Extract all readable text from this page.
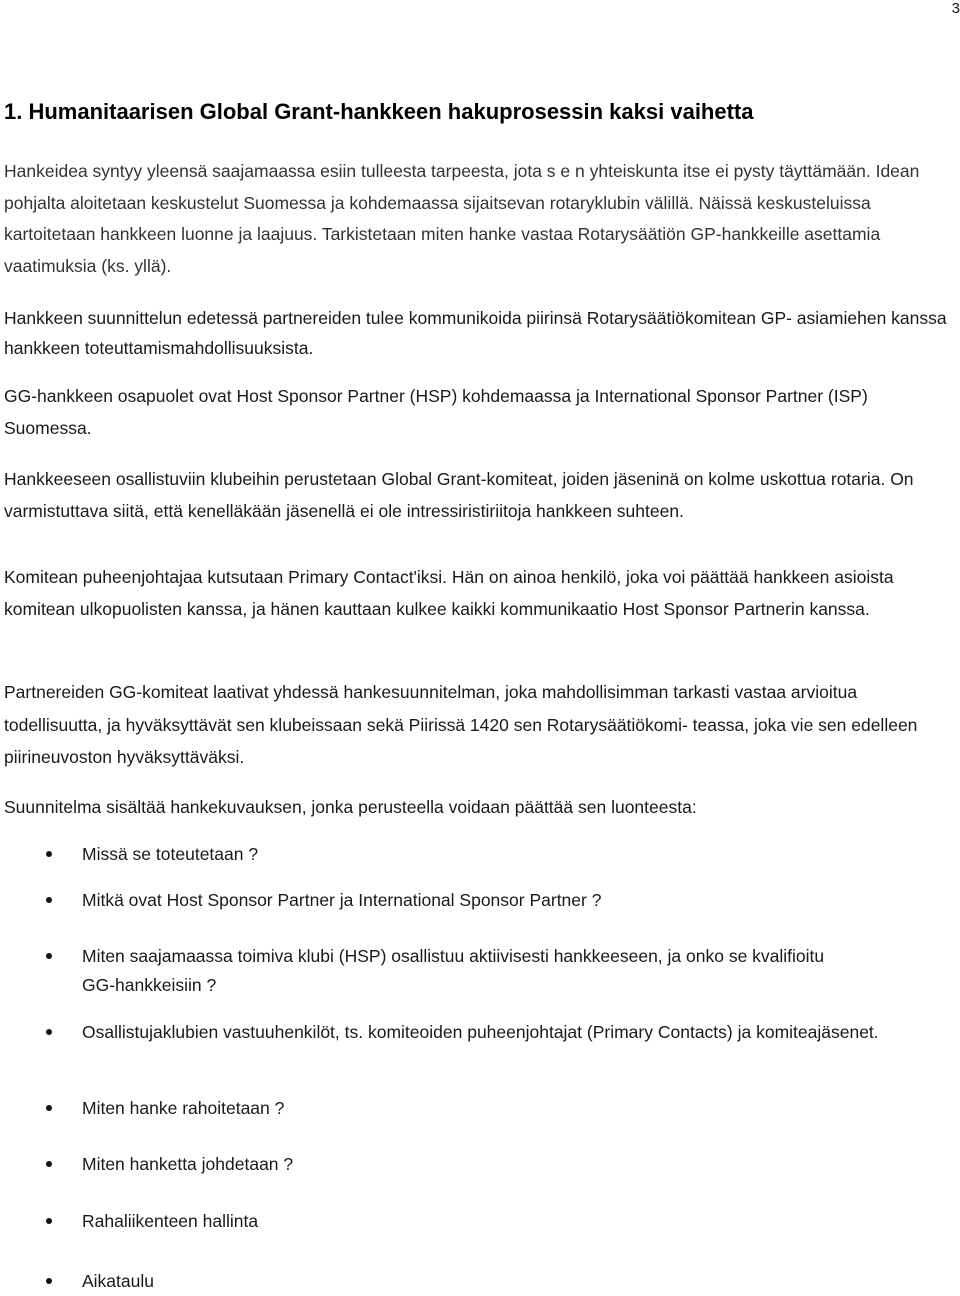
3
1. Humanitaarisen Global Grant-hankkeen hakuprosessin kaksi vaihetta

Hankeidea syntyy yleensä saajamaassa esiin tulleesta tarpeesta, jota s e n yhteiskunta itse ei pysty täyttämään. Idean pohjalta aloitetaan keskustelut Suomessa ja kohdemaassa sijaitsevan rotaryklubin välillä. Näissä keskusteluissa kartoitetaan hankkeen luonne ja laajuus. Tarkistetaan miten hanke vastaa Rotarysäätiön GP-hankkeille asettamia vaatimuksia (ks. yllä).

Hankkeen suunnittelun edetessä partnereiden tulee kommunikoida piirinsä Rotarysäätiökomitean GP- asiamiehen kanssa hankkeen toteuttamismahdollisuuksista.

GG-hankkeen osapuolet ovat Host Sponsor Partner (HSP) kohdemaassa ja International Sponsor Partner (ISP) Suomessa.

Hankkeeseen osallistuviin klubeihin perustetaan Global Grant-komiteat, joiden jäseninä on kolme uskottua rotaria. On varmistuttava siitä, että kenelläkään jäsenellä ei ole intressiristiriitoja hankkeen suhteen.

Komitean puheenjohtajaa kutsutaan Primary Contact'iksi. Hän on ainoa henkilö, joka voi päättää hankkeen asioista komitean ulkopuolisten kanssa, ja hänen kauttaan kulkee kaikki kommunikaatio Host Sponsor Partnerin kanssa.

Partnereiden GG-komiteat laativat yhdessä hankesuunnitelman, joka mahdollisimman tarkasti vastaa arvioitua todellisuutta, ja hyväksyttävät sen klubeissaan sekä Piirissä 1420 sen Rotarysäätiökomi- teassa, joka vie sen edelleen piirineuvoston hyväksyttäväksi.

Suunnitelma sisältää hankekuvauksen, jonka perusteella voidaan päättää sen luonteesta:

Missä se toteutetaan ?
Mitkä ovat Host Sponsor Partner ja International Sponsor Partner ?
Miten saajamaassa toimiva klubi (HSP) osallistuu aktiivisesti hankkeeseen, ja onko se kvalifioitu GG-hankkeisiin ?
Osallistujaklubien vastuuhenkilöt, ts. komiteoiden puheenjohtajat (Primary Contacts) ja komiteajäsenet.
Miten hanke rahoitetaan ?
Miten hanketta johdetaan ?
Rahaliikenteen hallinta
Aikataulu
